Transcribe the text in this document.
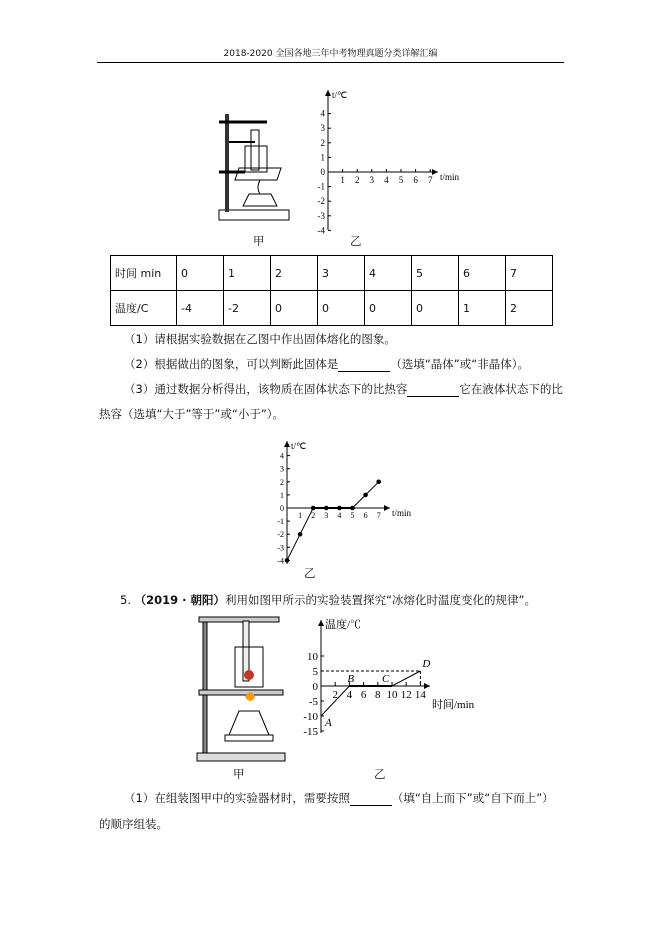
2018-2020 全国各地三年中考物理真题分类详解汇编
甲
t/℃
t/min
4
3
2
1
-1
-2
-3
-4
0
1 2 3 4 5 6 7
乙
时间 min	0	1	2	3	4	5	6	7
温度/C	-4	-2	0	0	0	0	1	2
（1）请根据实验数据在乙图中作出固体熔化的图象。
（2）根据做出的图象，可以判断此固体是	（选填“晶体”或“非晶体）。
（3）通过数据分析得出，该物质在固体状态下的比热容	它在液体状态下的比
热容（选填“大于”等于”或“小于”）。
t/℃
t/min
4
3
2
1
-1
-2
-3
-4
0
1 2 3 4 5 6 7
乙
5. （2019 · 朝阳）利用如图甲所示的实验装置探究“冰熔化时温度变化的规律”。
甲
温度/℃
时间/min
10
5
0
-5
-10
-15
2 4 6 8 10 12 14
A
B	C
D
乙
（1）在组装图甲中的实验器材时，需要按照	（填“自上而下”或“自下而上”）
的顺序组装。
